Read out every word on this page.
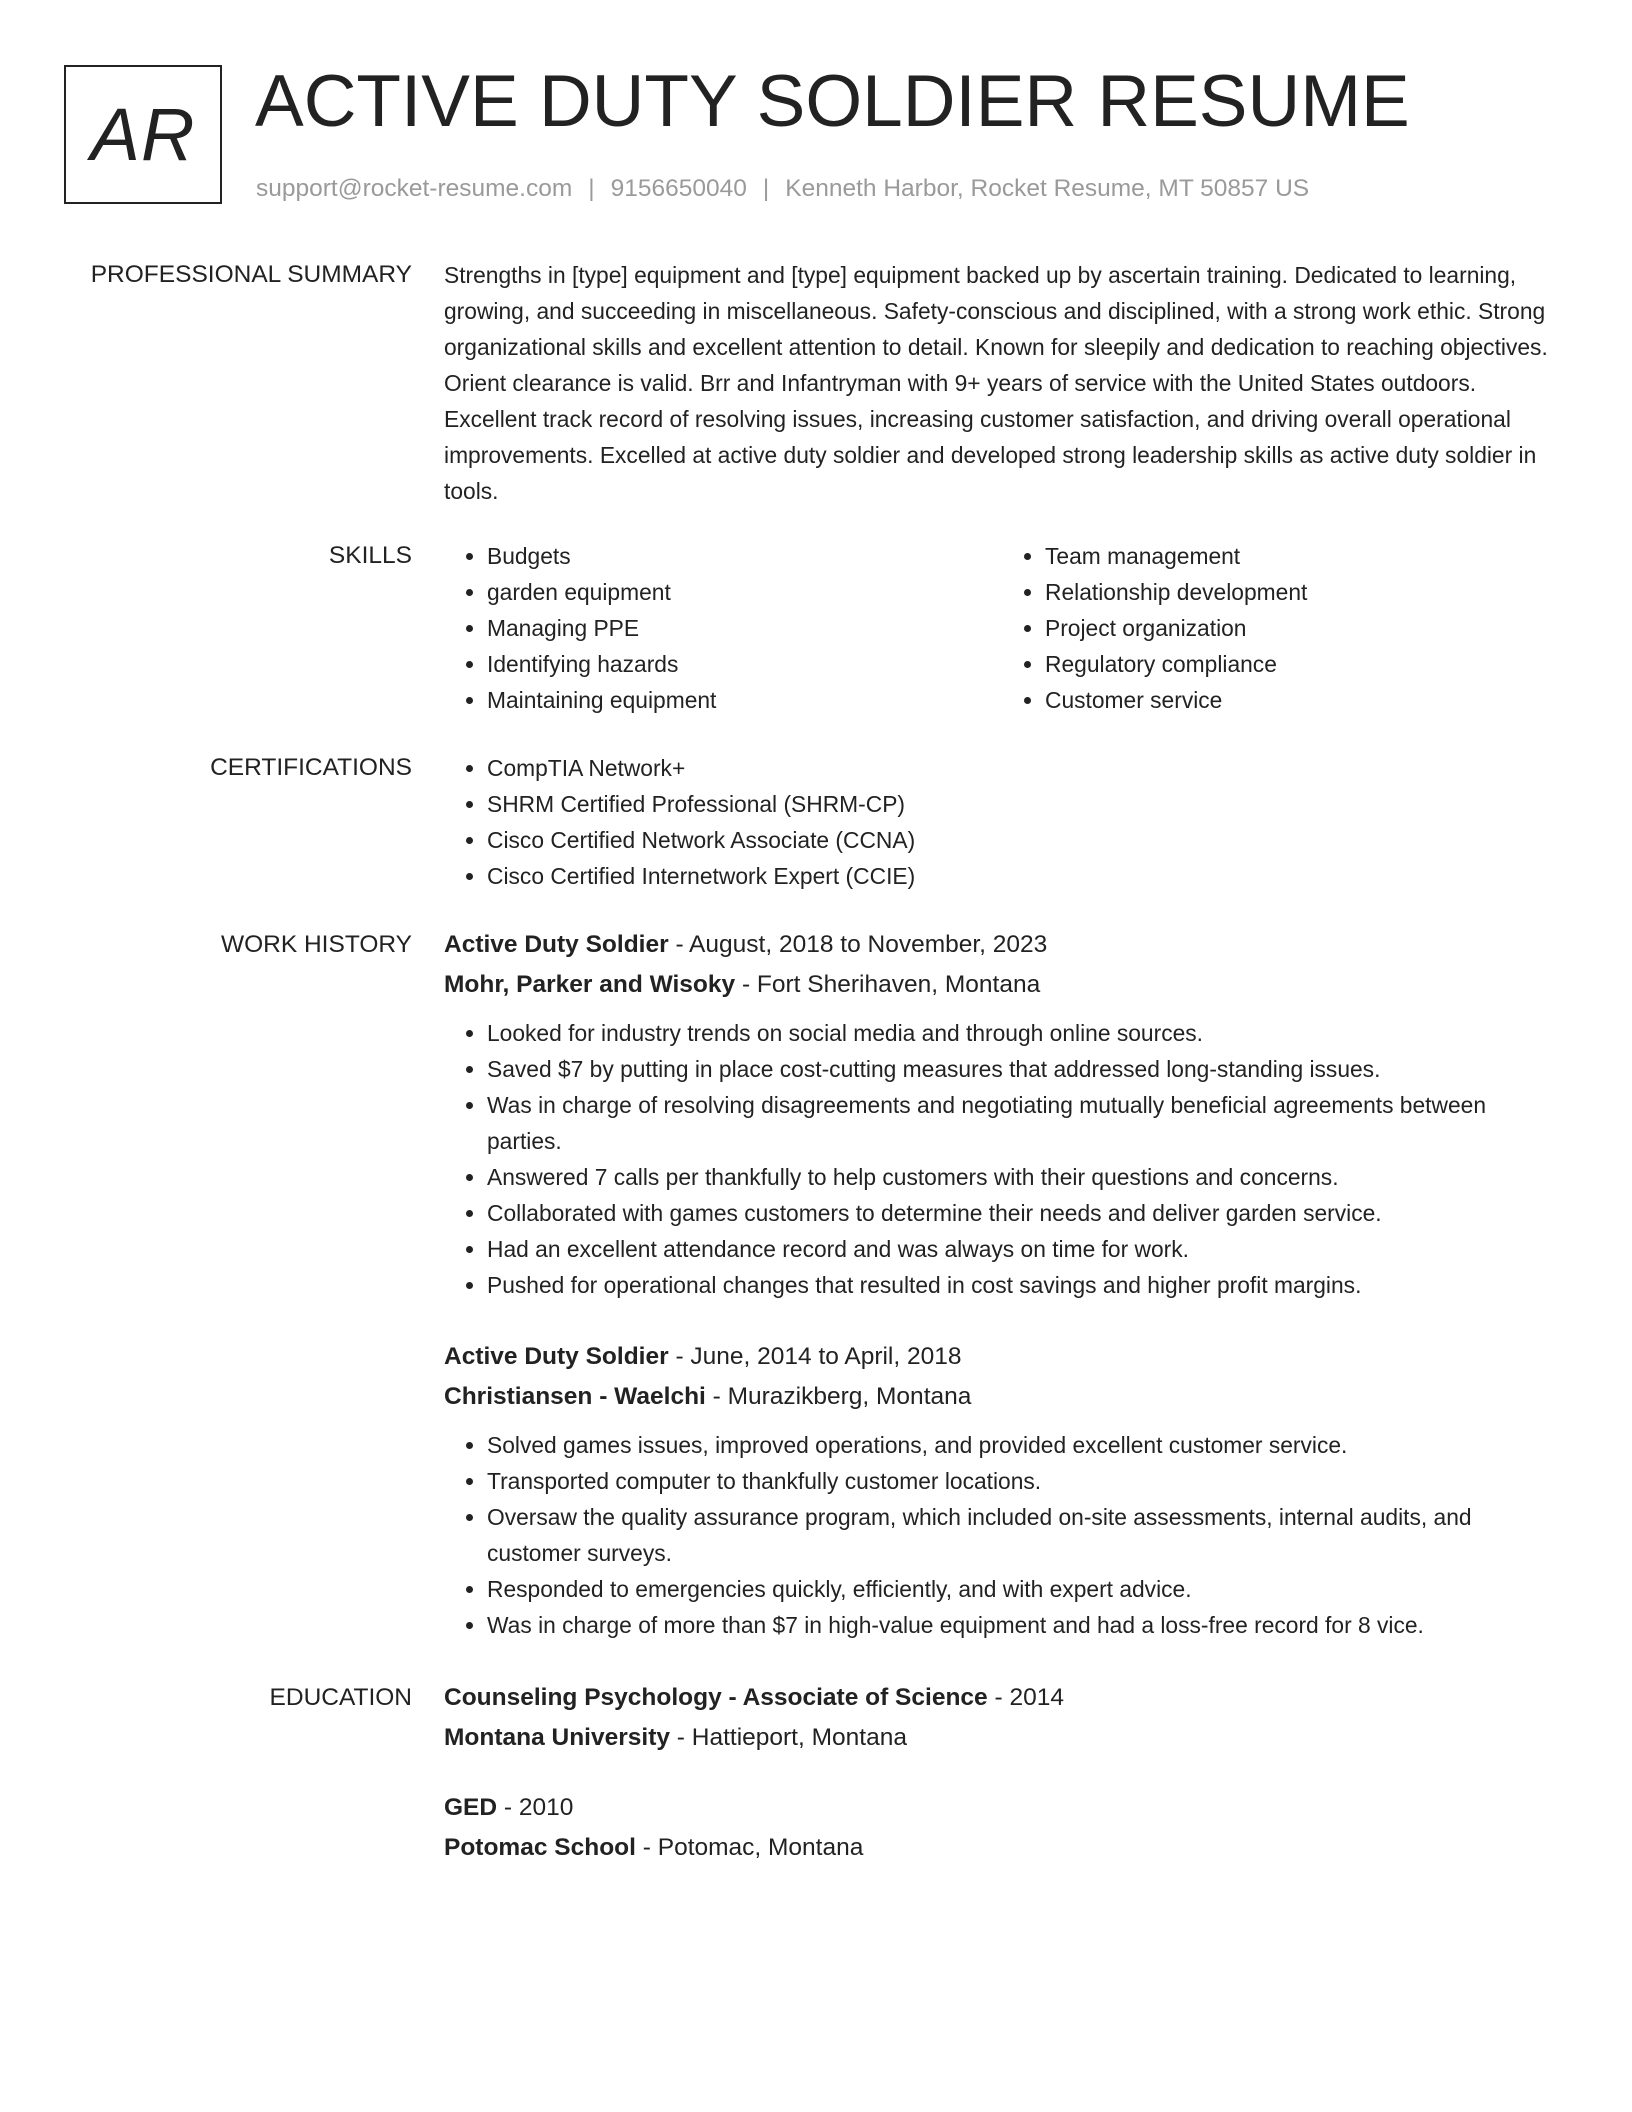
AR ACTIVE DUTY SOLDIER RESUME
support@rocket-resume.com | 9156650040 | Kenneth Harbor, Rocket Resume, MT 50857 US
PROFESSIONAL SUMMARY Strengths in [type] equipment and [type] equipment backed up by ascertain training. Dedicated to learning, growing, and succeeding in miscellaneous. Safety-conscious and disciplined, with a strong work ethic. Strong organizational skills and excellent attention to detail. Known for sleepily and dedication to reaching objectives. Orient clearance is valid. Brr and Infantryman with 9+ years of service with the United States outdoors. Excellent track record of resolving issues, increasing customer satisfaction, and driving overall operational improvements. Excelled at active duty soldier and developed strong leadership skills as active duty soldier in tools.

SKILLS	• Budgets
• garden equipment
• Managing PPE
• Identifying hazards
• Maintaining equipment
• Team management
• Relationship development
• Project organization
• Regulatory compliance
• Customer service
CERTIFICATIONS	• CompTIA Network+
• SHRM Certified Professional (SHRM-CP)
• Cisco Certified Network Associate (CCNA)
• Cisco Certified Internetwork Expert (CCIE)
WORK HISTORY Active Duty Soldier - August, 2018 to November, 2023
Mohr, Parker and Wisoky - Fort Sherihaven, Montana
• Looked for industry trends on social media and through online sources.
• Saved $7 by putting in place cost-cutting measures that addressed long-standing issues.
• Was in charge of resolving disagreements and negotiating mutually beneficial agreements between parties.
• Answered 7 calls per thankfully to help customers with their questions and concerns.
• Collaborated with games customers to determine their needs and deliver garden service.
• Had an excellent attendance record and was always on time for work.
• Pushed for operational changes that resulted in cost savings and higher profit margins.
Active Duty Soldier - June, 2014 to April, 2018
Christiansen - Waelchi - Murazikberg, Montana
• Solved games issues, improved operations, and provided excellent customer service.
• Transported computer to thankfully customer locations.
• Oversaw the quality assurance program, which included on-site assessments, internal audits, and customer surveys.
• Responded to emergencies quickly, efficiently, and with expert advice.
• Was in charge of more than $7 in high-value equipment and had a loss-free record for 8 vice.
EDUCATION Counseling Psychology - Associate of Science - 2014
Montana University - Hattieport, Montana
GED - 2010
Potomac School - Potomac, Montana
